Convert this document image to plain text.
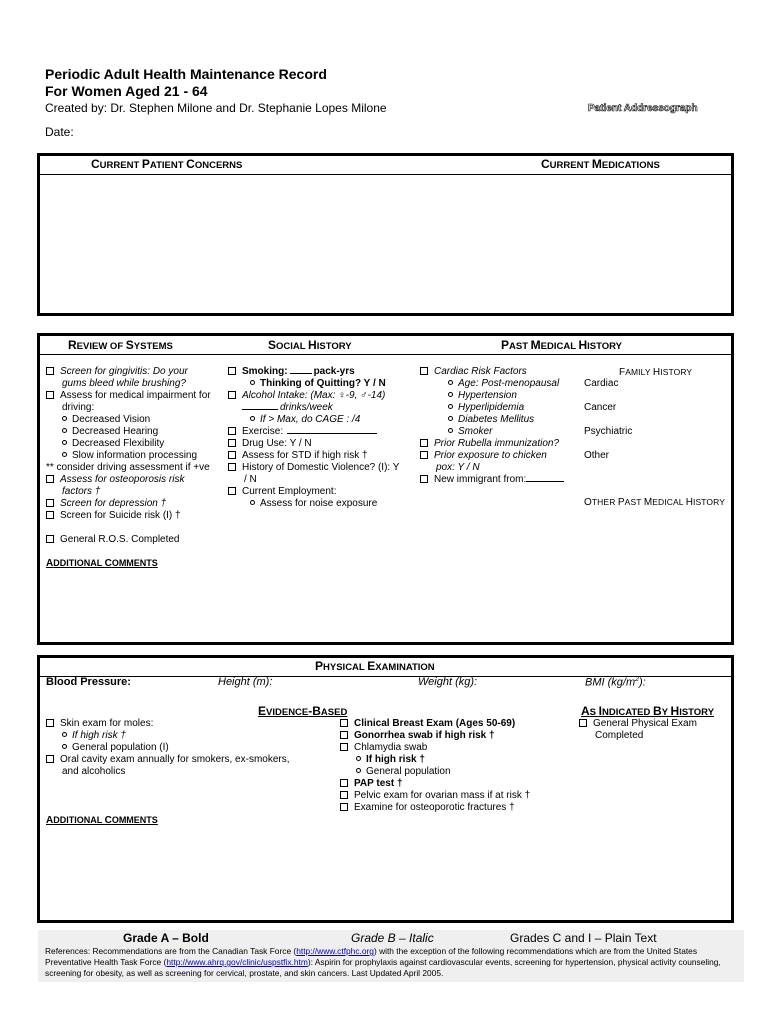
Periodic Adult Health Maintenance Record
For Women Aged 21 - 64
Created by: Dr. Stephen Milone and Dr. Stephanie Lopes Milone	Patient Addressograph
Date:
CURRENT PATIENT CONCERNS	CURRENT MEDICATIONS
REVIEW OF SYSTEMS	SOCIAL HISTORY	PAST MEDICAL HISTORY
Screen for gingivitis: Do your
gums bleed while brushing?
Assess for medical impairment for
driving:
Decreased Vision
Decreased Hearing
Decreased Flexibility
Slow information processing
** consider driving assessment if +ve
Assess for osteoporosis risk
factors †
Screen for depression †
Screen for Suicide risk (I) †
General R.O.S. Completed
ADDITIONAL COMMENTS
Smoking:	pack-yrs
Thinking of Quitting? Y / N
Alcohol Intake: (Max: ♀-9, ♂-14)
drinks/week
If > Max, do CAGE : /4
Exercise:
Drug Use: Y / N
Assess for STD if high risk †
History of Domestic Violence? (I): Y
/ N
Current Employment:
Assess for noise exposure
Cardiac Risk Factors
Age: Post-menopausal
Hypertension
Hyperlipidemia
Diabetes Mellitus
Smoker
Prior Rubella immunization?
Prior exposure to chicken
pox: Y / N
New immigrant from:
FAMILY HISTORY
Cardiac
Cancer
Psychiatric
Other
OTHER PAST MEDICAL HISTORY
PHYSICAL EXAMINATION
Blood Pressure:	Height (m):	Weight (kg):	BMI $(kg/m^2)$:
EVIDENCE-BASED	AS INDICATED BY HISTORY
Skin exam for moles:
If high risk †
General population (I)
Oral cavity exam annually for smokers, ex-smokers,
and alcoholics
Clinical Breast Exam (Ages 50-69)
Gonorrhea swab if high risk †
Chlamydia swab
If high risk †
General population
PAP test †
Pelvic exam for ovarian mass if at risk †
Examine for osteoporotic fractures †
General Physical Exam
Completed
ADDITIONAL COMMENTS
Grade A – Bold	Grade B – Italic	Grades C and I – Plain Text
References: Recommendations are from the Canadian Task Force (http://www.ctfphc.org) with the exception of the following recommendations which are from the United States Preventative Health Task Force (http://www.ahrq.gov/clinic/uspstfix.htm): Aspirin for prophylaxis against cardiovascular events, screening for hypertension, physical activity counseling, screening for obesity, as well as screening for cervical, prostate, and skin cancers. Last Updated April 2005.
